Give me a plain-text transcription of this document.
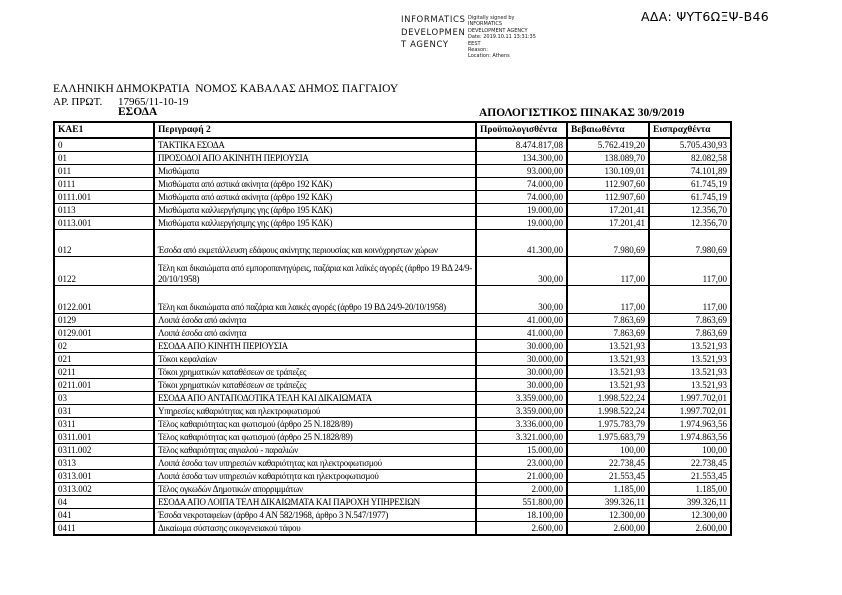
ΑΔΑ: ΨΥΤ6ΩΞΨ-Β46
INFORMATICS
DEVELOPMEN
T AGENCY
Digitally signed by
INFORMATICS
DEVELOPMENT AGENCY
Date: 2019.10.11 13:31:35
EEST
Reason:
Location: Athens
ΕΛΛΗΝΙΚΗ ΔΗΜΟΚΡΑΤΙΑ  ΝΟΜΟΣ ΚΑΒΑΛΑΣ ΔΗΜΟΣ ΠΑΓΓΑΙΟΥ
ΑΡ. ΠΡΩΤ. 17965/11-10-19
ΕΣΟΔΑ	ΑΠΟΛΟΓΙΣΤΙΚΟΣ ΠΙΝΑΚΑΣ 30/9/2019
ΚΑΕ1	Περιγραφή 2	Προϋπολογισθέντα	Βεβαιωθέντα	Εισπραχθέντα
0	ΤΑΚΤΙΚΑ ΕΣΟΔΑ	8.474.817,08	5.762.419,20	5.705.430,93
01	ΠΡΟΣΟΔΟΙ ΑΠΟ ΑΚΙΝΗΤΗ ΠΕΡΙΟΥΣΙΑ	134.300,00	138.089,70	82.082,58
011	Μισθώματα	93.000,00	130.109,01	74.101,89
0111	Μισθώματα από αστικά ακίνητα (άρθρο 192 ΚΔΚ)	74.000,00	112.907,60	61.745,19
0111.001	Μισθώματα από αστικά ακίνητα (άρθρο 192 ΚΔΚ)	74.000,00	112.907,60	61.745,19
0113	Μισθώματα καλλιεργήσιμης γης (άρθρο 195 ΚΔΚ)	19.000,00	17.201,41	12.356,70
0113.001	Μισθώματα καλλιεργήσιμης γης (άρθρο 195 ΚΔΚ)	19.000,00	17.201,41	12.356,70
012	Έσοδα από εκμετάλλευση εδάφους ακίνητης περιουσίας και κοινόχρηστων χώρων	41.300,00	7.980,69	7.980,69
0122	Τέλη και δικαιώματα από εμποροπανηγύρεις, παζάρια και λαϊκές αγορές (άρθρο 19 ΒΔ 24/9-20/10/1958)	300,00	117,00	117,00
0122.001	Τέλη και δικαιώματα από παζάρια και λαικές αγορές (άρθρο 19 ΒΔ 24/9-20/10/1958)	300,00	117,00	117,00
0129	Λοιπά έσοδα από ακίνητα	41.000,00	7.863,69	7.863,69
0129.001	Λοιπά έσοδα από ακίνητα	41.000,00	7.863,69	7.863,69
02	ΕΣΟΔΑ ΑΠΟ ΚΙΝΗΤΗ ΠΕΡΙΟΥΣΙΑ	30.000,00	13.521,93	13.521,93
021	Τόκοι κεφαλαίων	30.000,00	13.521,93	13.521,93
0211	Τόκοι χρηματικών καταθέσεων σε τράπεζες	30.000,00	13.521,93	13.521,93
0211.001	Τόκοι χρηματικών καταθέσεων σε τράπεζες	30.000,00	13.521,93	13.521,93
03	ΕΣΟΔΑ ΑΠΟ ΑΝΤΑΠΟΔΟΤΙΚΑ ΤΕΛΗ ΚΑΙ ΔΙΚΑΙΩΜΑΤΑ	3.359.000,00	1.998.522,24	1.997.702,01
031	Υπηρεσίες καθαριότητας και ηλεκτροφωτισμού	3.359.000,00	1.998.522,24	1.997.702,01
0311	Τέλος καθαριότητας και φωτισμού (άρθρο 25 Ν.1828/89)	3.336.000,00	1.975.783,79	1.974.963,56
0311.001	Τέλος καθαριότητας και φωτισμού (άρθρο 25 Ν.1828/89)	3.321.000,00	1.975.683,79	1.974.863,56
0311.002	Τέλος καθαριότητας αιγιαλού - παραλιών	15.000,00	100,00	100,00
0313	Λοιπά έσοδα των υπηρεσιών καθαριότητας και ηλεκτροφωτισμού	23.000,00	22.738,45	22.738,45
0313.001	Λοιπά έσοδα των υπηρεσιών καθαριότητα και ηλεκτροφωτισμού	21.000,00	21.553,45	21.553,45
0313.002	Τέλος ογκωδών Δημοτικών απορριμμάτων	2.000,00	1.185,00	1.185,00
04	ΕΣΟΔΑ ΑΠΟ ΛΟΙΠΑ ΤΕΛΗ ΔΙΚΑΙΩΜΑΤΑ ΚΑΙ ΠΑΡΟΧΗ ΥΠΗΡΕΣΙΩΝ	551.800,00	399.326,11	399.326,11
041	Έσοδα νεκροταφείων (άρθρο 4 ΑΝ 582/1968, άρθρο 3 Ν.547/1977)	18.100,00	12.300,00	12.300,00
0411	Δικαίωμα σύστασης οικογενειακού τάφου	2.600,00	2.600,00	2.600,00
